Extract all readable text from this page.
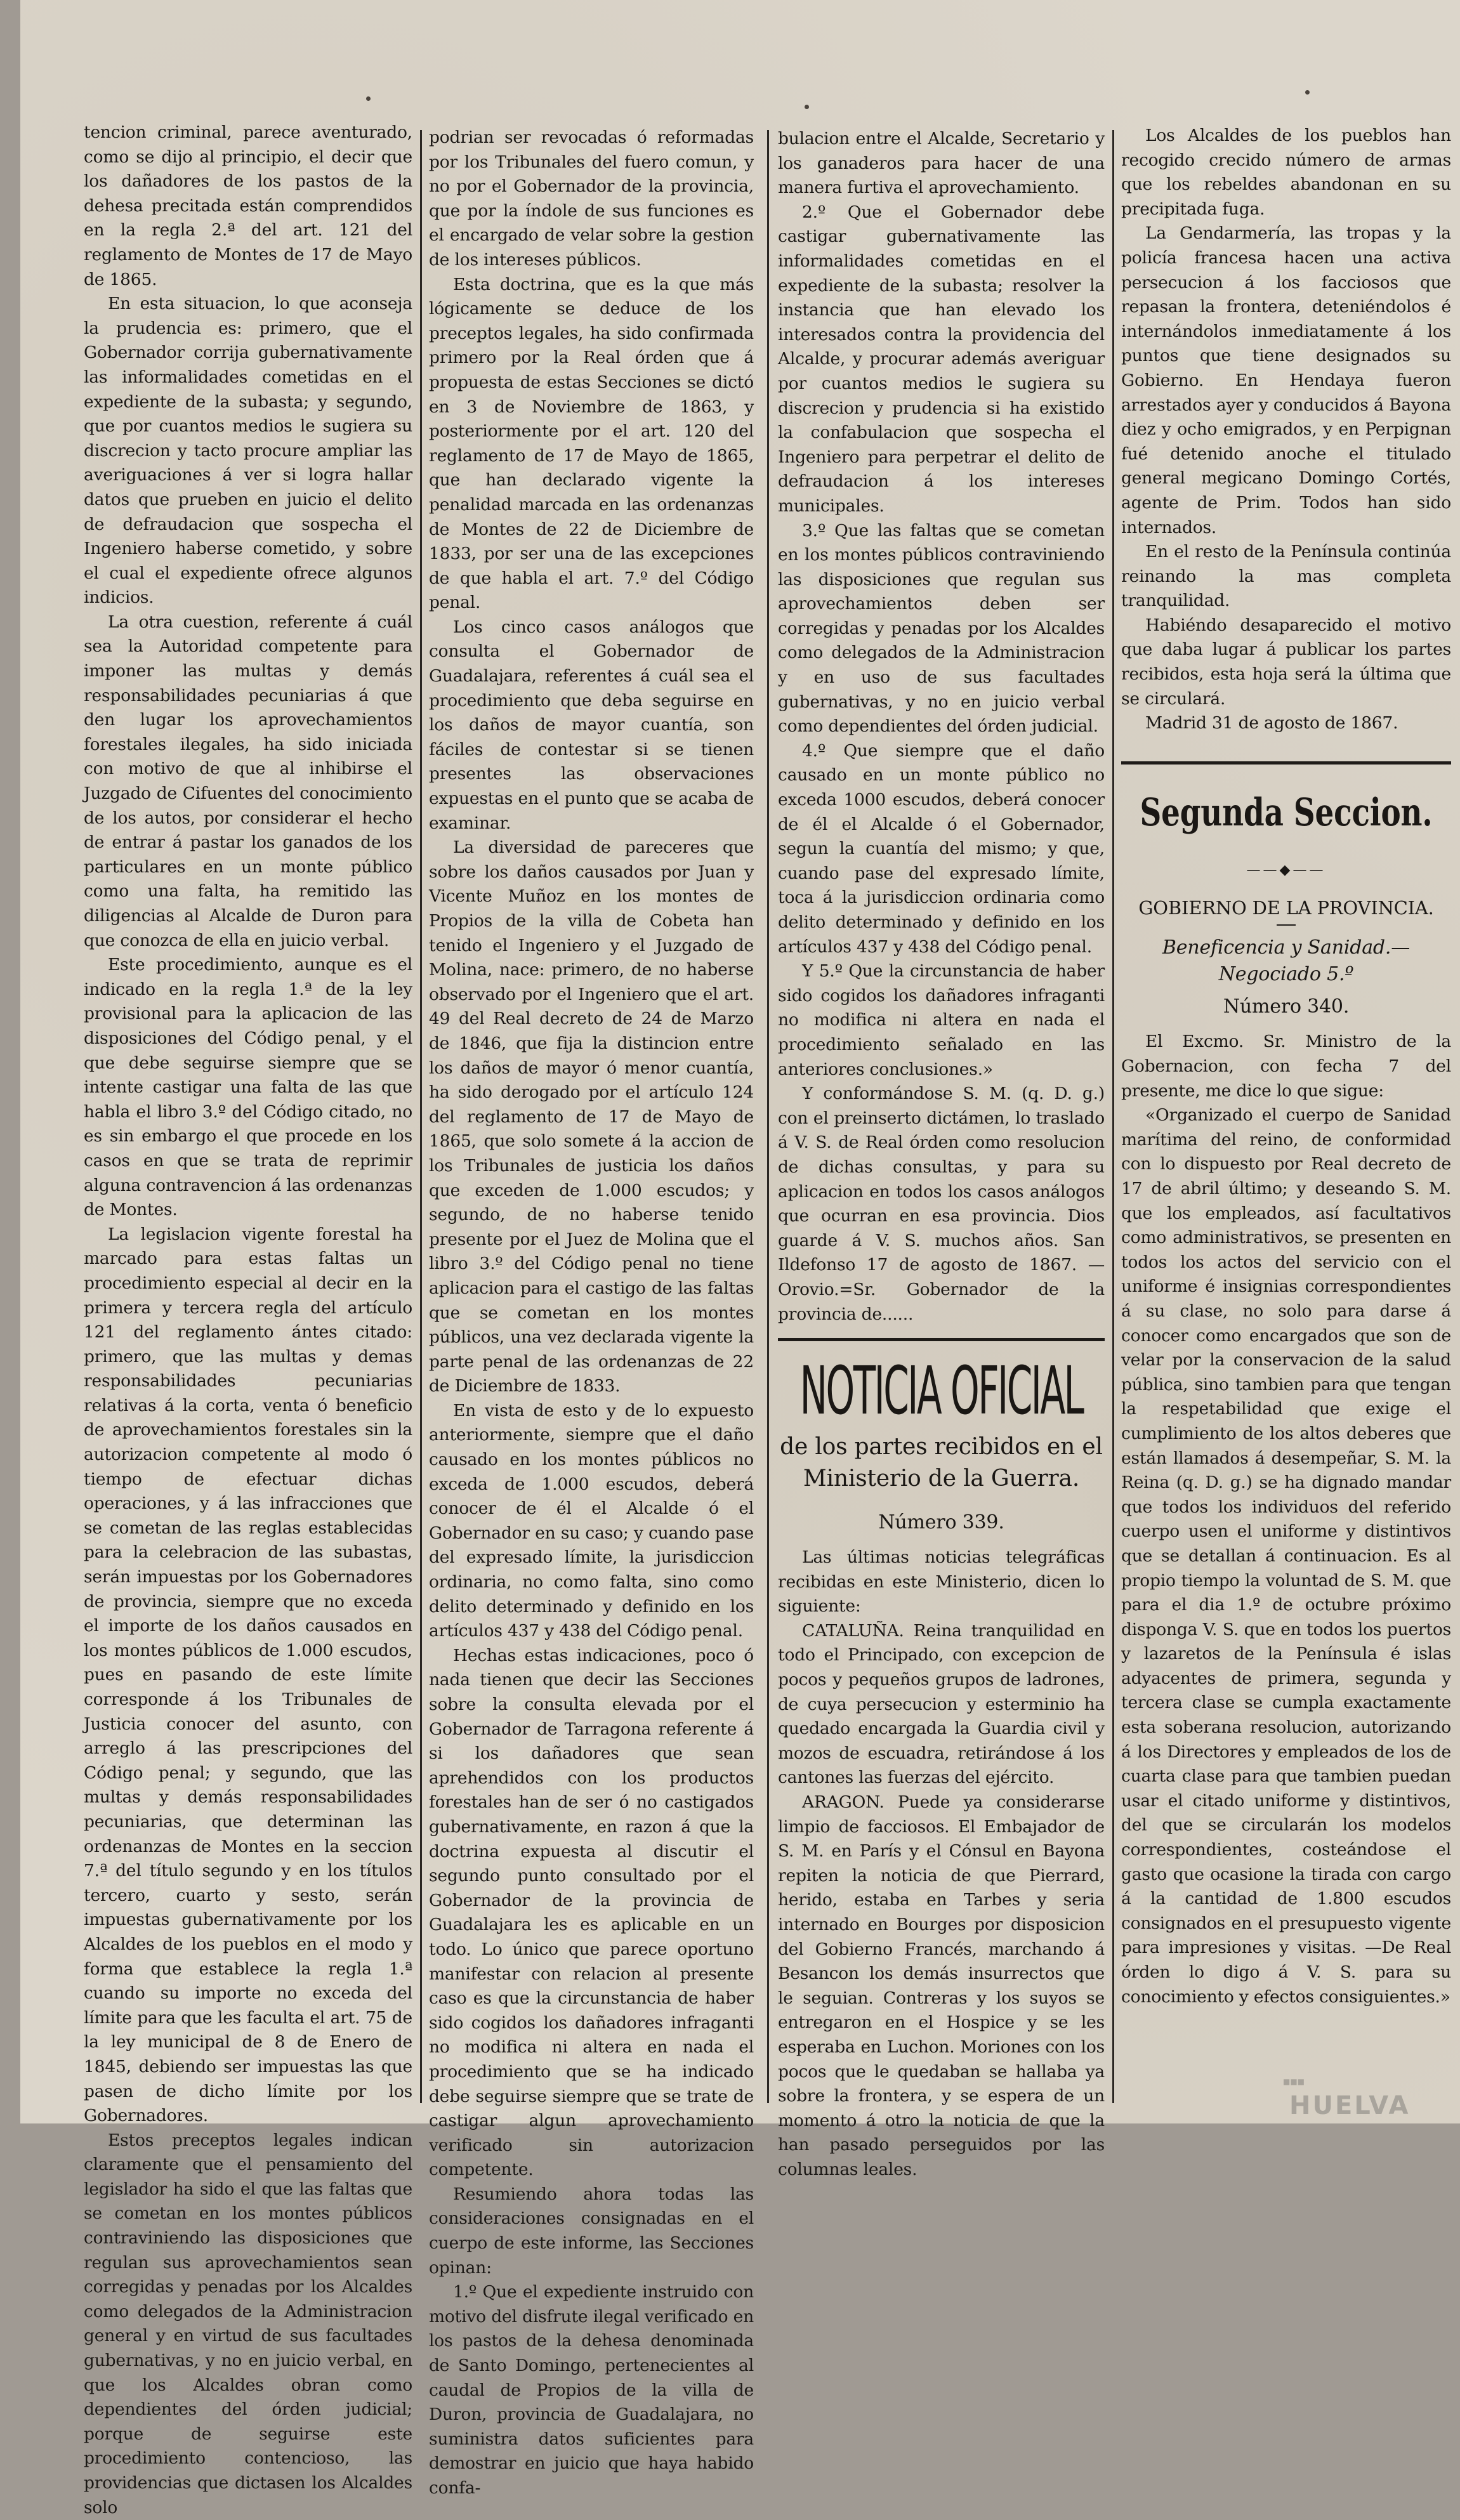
tencion criminal, parece aventurado, como se dijo al principio, el decir que los dañadores de los pastos de la dehesa precitada están comprendidos en la regla 2.ª del art. 121 del reglamento de Montes de 17 de Mayo de 1865.

En esta situacion, lo que aconseja la prudencia es: primero, que el Gobernador corrija gubernativamente las informalidades cometidas en el expediente de la subasta; y segundo, que por cuantos medios le sugiera su discrecion y tacto procure ampliar las averiguaciones á ver si logra hallar datos que prueben en juicio el delito de defraudacion que sospecha el Ingeniero haberse cometido, y sobre el cual el expediente ofrece algunos indicios.

La otra cuestion, referente á cuál sea la Autoridad competente para imponer las multas y demás responsabilidades pecuniarias á que den lugar los aprovechamientos forestales ilegales, ha sido iniciada con motivo de que al inhibirse el Juzgado de Cifuentes del conocimiento de los autos, por considerar el hecho de entrar á pastar los ganados de los particulares en un monte público como una falta, ha remitido las diligencias al Alcalde de Duron para que conozca de ella en juicio verbal.

Este procedimiento, aunque es el indicado en la regla 1.ª de la ley provisional para la aplicacion de las disposiciones del Código penal, y el que debe seguirse siempre que se intente castigar una falta de las que habla el libro 3.º del Código citado, no es sin embargo el que procede en los casos en que se trata de reprimir alguna contravencion á las ordenanzas de Montes.

La legislacion vigente forestal ha marcado para estas faltas un procedimiento especial al decir en la primera y tercera regla del artículo 121 del reglamento ántes citado: primero, que las multas y demas responsabilidades pecuniarias relativas á la corta, venta ó beneficio de aprovechamientos forestales sin la autorizacion competente al modo ó tiempo de efectuar dichas operaciones, y á las infracciones que se cometan de las reglas establecidas para la celebracion de las subastas, serán impuestas por los Gobernadores de provincia, siempre que no exceda el importe de los daños causados en los montes públicos de 1.000 escudos, pues en pasando de este límite corresponde á los Tribunales de Justicia conocer del asunto, con arreglo á las prescripciones del Código penal; y segundo, que las multas y demás responsabilidades pecuniarias, que determinan las ordenanzas de Montes en la seccion 7.ª del título segundo y en los títulos tercero, cuarto y sesto, serán impuestas gubernativamente por los Alcaldes de los pueblos en el modo y forma que establece la regla 1.ª cuando su importe no exceda del límite para que les faculta el art. 75 de la ley municipal de 8 de Enero de 1845, debiendo ser impuestas las que pasen de dicho límite por los Gobernadores.

Estos preceptos legales indican claramente que el pensamiento del legislador ha sido el que las faltas que se cometan en los montes públicos contraviniendo las disposiciones que regulan sus aprovechamientos sean corregidas y penadas por los Alcaldes como delegados de la Administracion general y en virtud de sus facultades gubernativas, y no en juicio verbal, en que los Alcaldes obran como dependientes del órden judicial; porque de seguirse este procedimiento contencioso, las providencias que dictasen los Alcaldes solo

podrian ser revocadas ó reformadas por los Tribunales del fuero comun, y no por el Gobernador de la provincia, que por la índole de sus funciones es el encargado de velar sobre la gestion de los intereses públicos.

Esta doctrina, que es la que más lógicamente se deduce de los preceptos legales, ha sido confirmada primero por la Real órden que á propuesta de estas Secciones se dictó en 3 de Noviembre de 1863, y posteriormente por el art. 120 del reglamento de 17 de Mayo de 1865, que han declarado vigente la penalidad marcada en las ordenanzas de Montes de 22 de Diciembre de 1833, por ser una de las excepciones de que habla el art. 7.º del Código penal.

Los cinco casos análogos que consulta el Gobernador de Guadalajara, referentes á cuál sea el procedimiento que deba seguirse en los daños de mayor cuantía, son fáciles de contestar si se tienen presentes las observaciones expuestas en el punto que se acaba de examinar.

La diversidad de pareceres que sobre los daños causados por Juan y Vicente Muñoz en los montes de Propios de la villa de Cobeta han tenido el Ingeniero y el Juzgado de Molina, nace: primero, de no haberse observado por el Ingeniero que el art. 49 del Real decreto de 24 de Marzo de 1846, que fija la distincion entre los daños de mayor ó menor cuantía, ha sido derogado por el artículo 124 del reglamento de 17 de Mayo de 1865, que solo somete á la accion de los Tribunales de justicia los daños que exceden de 1.000 escudos; y segundo, de no haberse tenido presente por el Juez de Molina que el libro 3.º del Código penal no tiene aplicacion para el castigo de las faltas que se cometan en los montes públicos, una vez declarada vigente la parte penal de las ordenanzas de 22 de Diciembre de 1833.

En vista de esto y de lo expuesto anteriormente, siempre que el daño causado en los montes públicos no exceda de 1.000 escudos, deberá conocer de él el Alcalde ó el Gobernador en su caso; y cuando pase del expresado límite, la jurisdiccion ordinaria, no como falta, sino como delito determinado y definido en los artículos 437 y 438 del Código penal.

Hechas estas indicaciones, poco ó nada tienen que decir las Secciones sobre la consulta elevada por el Gobernador de Tarragona referente á si los dañadores que sean aprehendidos con los productos forestales han de ser ó no castigados gubernativamente, en razon á que la doctrina expuesta al discutir el segundo punto consultado por el Gobernador de la provincia de Guadalajara les es aplicable en un todo. Lo único que parece oportuno manifestar con relacion al presente caso es que la circunstancia de haber sido cogidos los dañadores infraganti no modifica ni altera en nada el procedimiento que se ha indicado debe seguirse siempre que se trate de castigar algun aprovechamiento verificado sin autorizacion competente.

Resumiendo ahora todas las consideraciones consignadas en el cuerpo de este informe, las Secciones opinan:

1.º Que el expediente instruido con motivo del disfrute ilegal verificado en los pastos de la dehesa denominada de Santo Domingo, pertenecientes al caudal de Propios de la villa de Duron, provincia de Guadalajara, no suministra datos suficientes para demostrar en juicio que haya habido confa-

bulacion entre el Alcalde, Secretario y los ganaderos para hacer de una manera furtiva el aprovechamiento.

2.º Que el Gobernador debe castigar gubernativamente las informalidades cometidas en el expediente de la subasta; resolver la instancia que han elevado los interesados contra la providencia del Alcalde, y procurar además averiguar por cuantos medios le sugiera su discrecion y prudencia si ha existido la confabulacion que sospecha el Ingeniero para perpetrar el delito de defraudacion á los intereses municipales.

3.º Que las faltas que se cometan en los montes públicos contraviniendo las disposiciones que regulan sus aprovechamientos deben ser corregidas y penadas por los Alcaldes como delegados de la Administracion y en uso de sus facultades gubernativas, y no en juicio verbal como dependientes del órden judicial.

4.º Que siempre que el daño causado en un monte público no exceda 1000 escudos, deberá conocer de él el Alcalde ó el Gobernador, segun la cuantía del mismo; y que, cuando pase del expresado límite, toca á la jurisdiccion ordinaria como delito determinado y definido en los artículos 437 y 438 del Código penal.

Y 5.º Que la circunstancia de haber sido cogidos los dañadores infraganti no modifica ni altera en nada el procedimiento señalado en las anteriores conclusiones.»

Y conformándose S. M. (q. D. g.) con el preinserto dictámen, lo traslado á V. S. de Real órden como resolucion de dichas consultas, y para su aplicacion en todos los casos análogos que ocurran en esa provincia. Dios guarde á V. S. muchos años. San Ildefonso 17 de agosto de 1867. —Orovio.=Sr. Gobernador de la provincia de......

NOTICIA OFICIAL
de los partes recibidos en el Ministerio de la Guerra.
Número 339.

Las últimas noticias telegráficas recibidas en este Ministerio, dicen lo siguiente:

CATALUÑA. Reina tranquilidad en todo el Principado, con excepcion de pocos y pequeños grupos de ladrones, de cuya persecucion y esterminio ha quedado encargada la Guardia civil y mozos de escuadra, retirándose á los cantones las fuerzas del ejército.

ARAGON. Puede ya considerarse limpio de facciosos. El Embajador de S. M. en París y el Cónsul en Bayona repiten la noticia de que Pierrard, herido, estaba en Tarbes y seria internado en Bourges por disposicion del Gobierno Francés, marchando á Besancon los demás insurrectos que le seguian. Contreras y los suyos se entregaron en el Hospice y se les esperaba en Luchon. Moriones con los pocos que le quedaban se hallaba ya sobre la frontera, y se espera de un momento á otro la noticia de que la han pasado perseguidos por las columnas leales.

Los Alcaldes de los pueblos han recogido crecido número de armas que los rebeldes abandonan en su precipitada fuga.

La Gendarmería, las tropas y la policía francesa hacen una activa persecucion á los facciosos que repasan la frontera, deteniéndolos é internándolos inmediatamente á los puntos que tiene designados su Gobierno. En Hendaya fueron arrestados ayer y conducidos á Bayona diez y ocho emigrados, y en Perpignan fué detenido anoche el titulado general megicano Domingo Cortés, agente de Prim. Todos han sido internados.

En el resto de la Península continúa reinando la mas completa tranquilidad.

Habiéndo desaparecido el motivo que daba lugar á publicar los partes recibidos, esta hoja será la última que se circulará.

Madrid 31 de agosto de 1867.

Segunda Seccion.
——◆——
GOBIERNO DE LA PROVINCIA.
Beneficencia y Sanidad.—Negociado 5.º
Número 340.

El Excmo. Sr. Ministro de la Gobernacion, con fecha 7 del presente, me dice lo que sigue:

«Organizado el cuerpo de Sanidad marítima del reino, de conformidad con lo dispuesto por Real decreto de 17 de abril último; y deseando S. M. que los empleados, así facultativos como administrativos, se presenten en todos los actos del servicio con el uniforme é insignias correspondientes á su clase, no solo para darse á conocer como encargados que son de velar por la conservacion de la salud pública, sino tambien para que tengan la respetabilidad que exige el cumplimiento de los altos deberes que están llamados á desempeñar, S. M. la Reina (q. D. g.) se ha dignado mandar que todos los individuos del referido cuerpo usen el uniforme y distintivos que se detallan á continuacion. Es al propio tiempo la voluntad de S. M. que para el dia 1.º de octubre próximo disponga V. S. que en todos los puertos y lazaretos de la Península é islas adyacentes de primera, segunda y tercera clase se cumpla exactamente esta soberana resolucion, autorizando á los Directores y empleados de los de cuarta clase para que tambien puedan usar el citado uniforme y distintivos, del que se circularán los modelos correspondientes, costeándose el gasto que ocasione la tirada con cargo á la cantidad de 1.800 escudos consignados en el presupuesto vigente para impresiones y visitas. —De Real órden lo digo á V. S. para su conocimiento y efectos consiguientes.»

■■■
HUELVA
